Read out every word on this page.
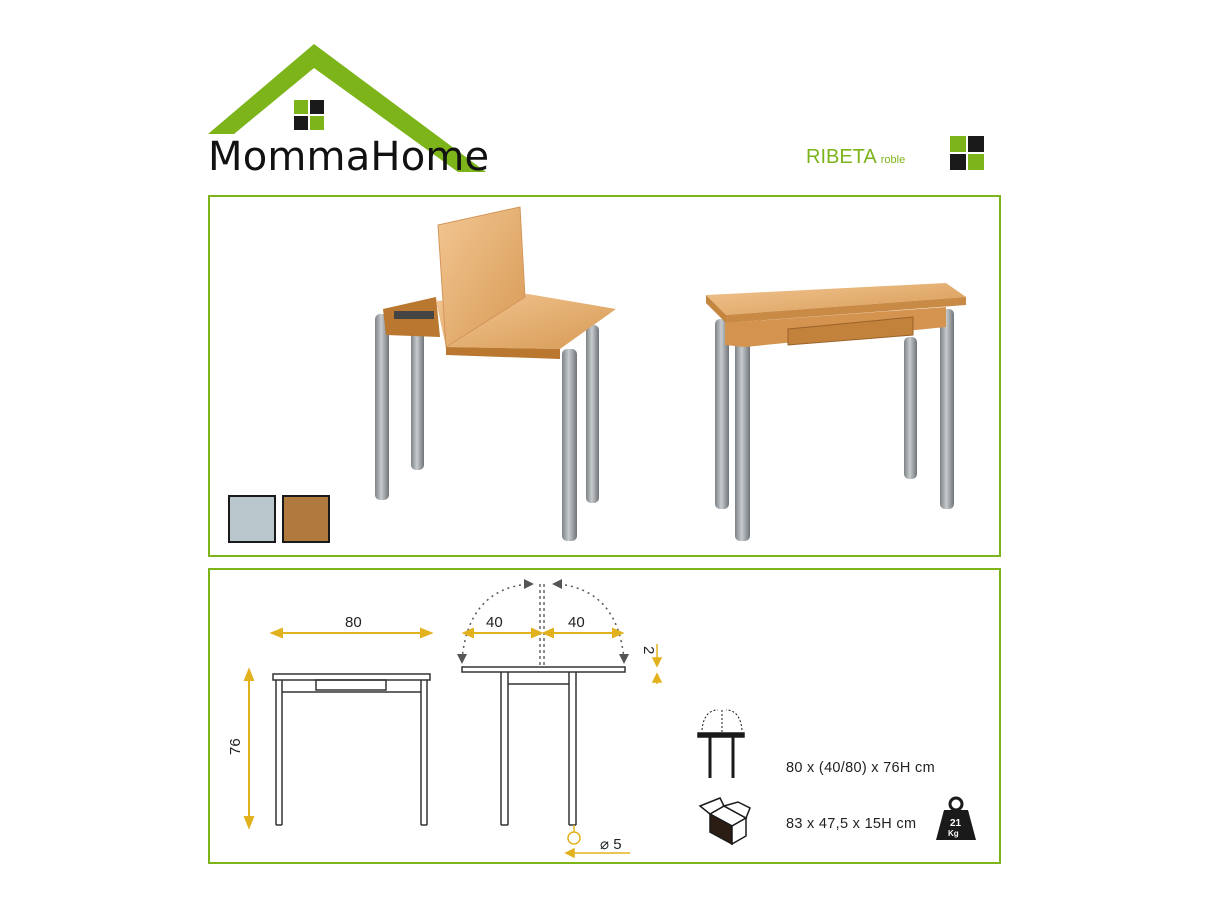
MommaHome	RIBETA roble
80
76
40	40
2
⌀ 5
21
Kg
80 x (40/80) x 76H cm
83 x 47,5 x 15H cm
